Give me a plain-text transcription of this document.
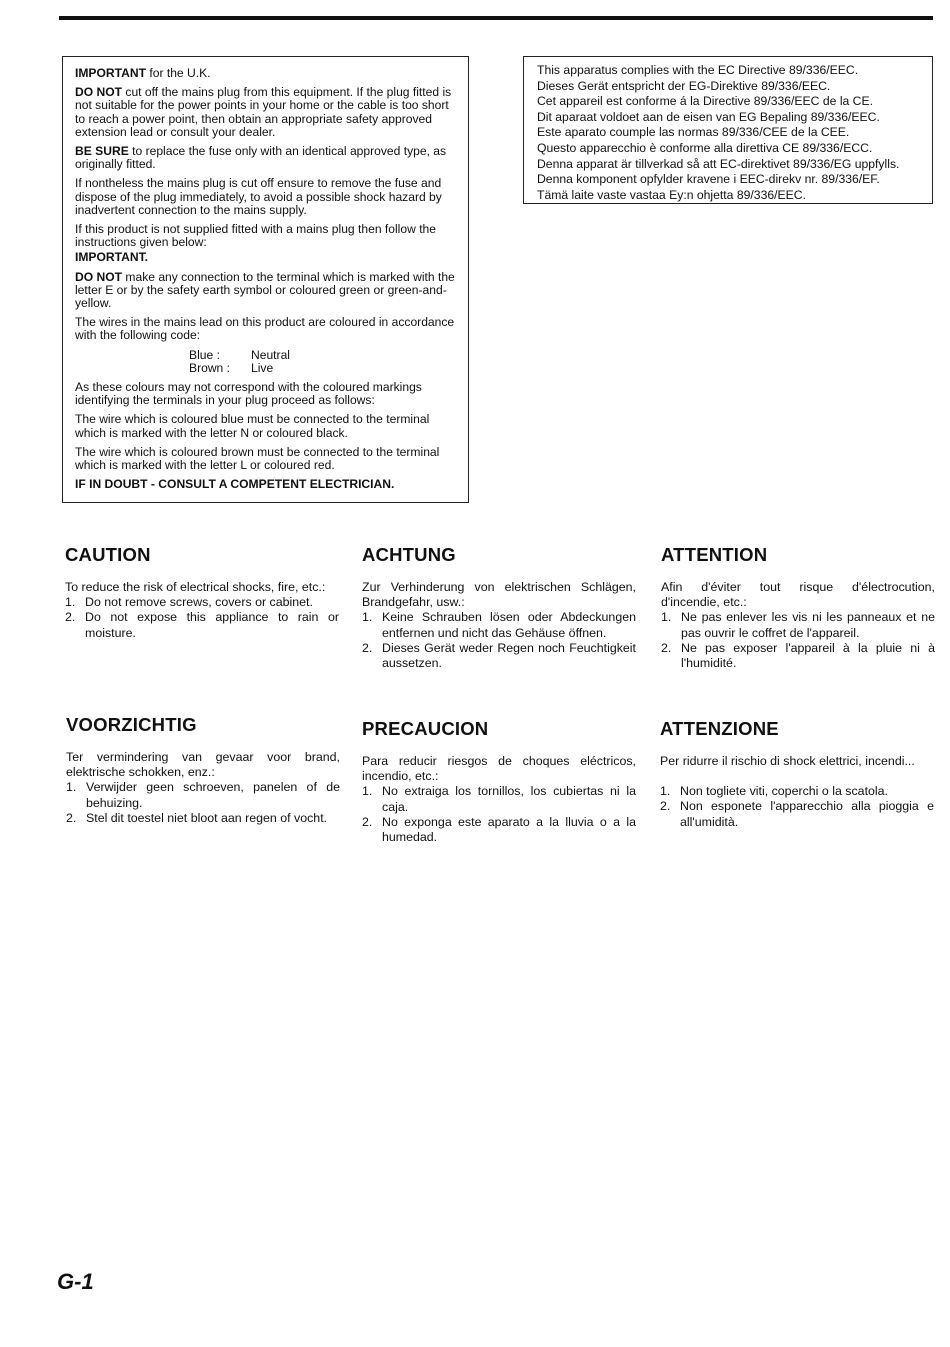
IMPORTANT for the U.K.

DO NOT cut off the mains plug from this equipment. If the plug fitted is not suitable for the power points in your home or the cable is too short to reach a power point, then obtain an appropriate safety approved extension lead or consult your dealer.

BE SURE to replace the fuse only with an identical approved type, as originally fitted.

If nontheless the mains plug is cut off ensure to remove the fuse and dispose of the plug immediately, to avoid a possible shock hazard by inadvertent connection to the mains supply.

If this product is not supplied fitted with a mains plug then follow the instructions given below:

IMPORTANT.

DO NOT make any connection to the terminal which is marked with the letter E or by the safety earth symbol or coloured green or green-and-yellow.

The wires in the mains lead on this product are coloured in accordance with the following code:

Blue :	Neutral
Brown :	Live

As these colours may not correspond with the coloured markings identifying the terminals in your plug proceed as follows:

The wire which is coloured blue must be connected to the terminal which is marked with the letter N or coloured black.

The wire which is coloured brown must be connected to the terminal which is marked with the letter L or coloured red.

IF IN DOUBT - CONSULT A COMPETENT ELECTRICIAN.

This apparatus complies with the EC Directive 89/336/EEC.
Dieses Gerät entspricht der EG-Direktive 89/336/EEC.
Cet appareil est conforme á la Directive 89/336/EEC de la CE.
Dit aparaat voldoet aan de eisen van EG Bepaling 89/336/EEC.
Este aparato coumple las normas 89/336/CEE de la CEE.
Questo apparecchio è conforme alla direttiva CE 89/336/ECC.
Denna apparat är tillverkad så att EC-direktivet 89/336/EG uppfylls.
Denna komponent opfylder kravene i EEC-direkv nr. 89/336/EF.
Tämä laite vaste vastaa Ey:n ohjetta 89/336/EEC.
CAUTION
To reduce the risk of electrical shocks, fire, etc.:
1. Do not remove screws, covers or cabinet.
2. Do not expose this appliance to rain or moisture.
ACHTUNG
Zur Verhinderung von elektrischen Schlägen, Brandgefahr, usw.:
1. Keine Schrauben lösen oder Abdeckungen entfernen und nicht das Gehäuse öffnen.
2. Dieses Gerät weder Regen noch Feuchtigkeit aussetzen.
ATTENTION
Afin d'éviter tout risque d'électrocution, d'incendie, etc.:
1. Ne pas enlever les vis ni les panneaux et ne pas ouvrir le coffret de l'appareil.
2. Ne pas exposer l'appareil à la pluie ni à l'humidité.
VOORZICHTIG
Ter vermindering van gevaar voor brand, elektrische schokken, enz.:
1. Verwijder geen schroeven, panelen of de behuizing.
2. Stel dit toestel niet bloot aan regen of vocht.
PRECAUCION
Para reducir riesgos de choques eléctricos, incendio, etc.:
1. No extraiga los tornillos, los cubiertas ni la caja.
2. No exponga este aparato a la lluvia o a la humedad.
ATTENZIONE
Per ridurre il rischio di shock elettrici, incendi...
1. Non togliete viti, coperchi o la scatola.
2. Non esponete l'apparecchio alla pioggia e all'umidità.
G-1
